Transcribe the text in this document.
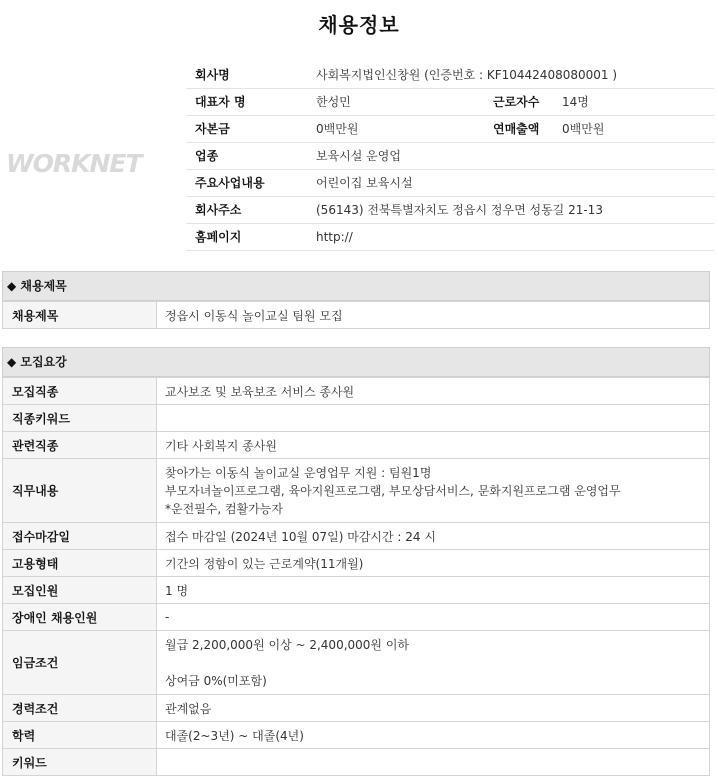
채용정보
WORKNET
회사명	사회복지법인신창원 (인증번호 : KF10442408080001 )		
대표자 명	한성민	근로자수	14명
자본금	0백만원	연매출액	0백만원
업종	보육시설 운영업		
주요사업내용	어린이집 보육시설		
회사주소	(56143) 전북특별자치도 정읍시 정우면 성동길 21-13		
홈페이지	http://		
◆ 채용제목
채용제목	정읍시 이동식 놀이교실 팀원 모집
◆ 모집요강
모집직종	교사보조 및 보육보조 서비스 종사원
직종키워드	
관련직종	기타 사회복지 종사원
직무내용	찾아가는 이동식 놀이교실 운영업무 지원 : 팀원1명
부모자녀놀이프로그램, 육아지원프로그램, 부모상담서비스, 문화지원프로그램 운영업무
*운전필수, 컴활가능자

접수마감일	접수 마감일 (2024년 10월 07일) 마감시간 : 24 시
고용형태	기간의 정함이 있는 근로계약(11개월)
모집인원	1 명
장애인 채용인원	-
임금조건	월급 2,200,000원 이상 ~ 2,400,000원 이하
상여금 0%(미포함)

경력조건	관계없음
학력	대졸(2~3년) ~ 대졸(4년)
키워드	
